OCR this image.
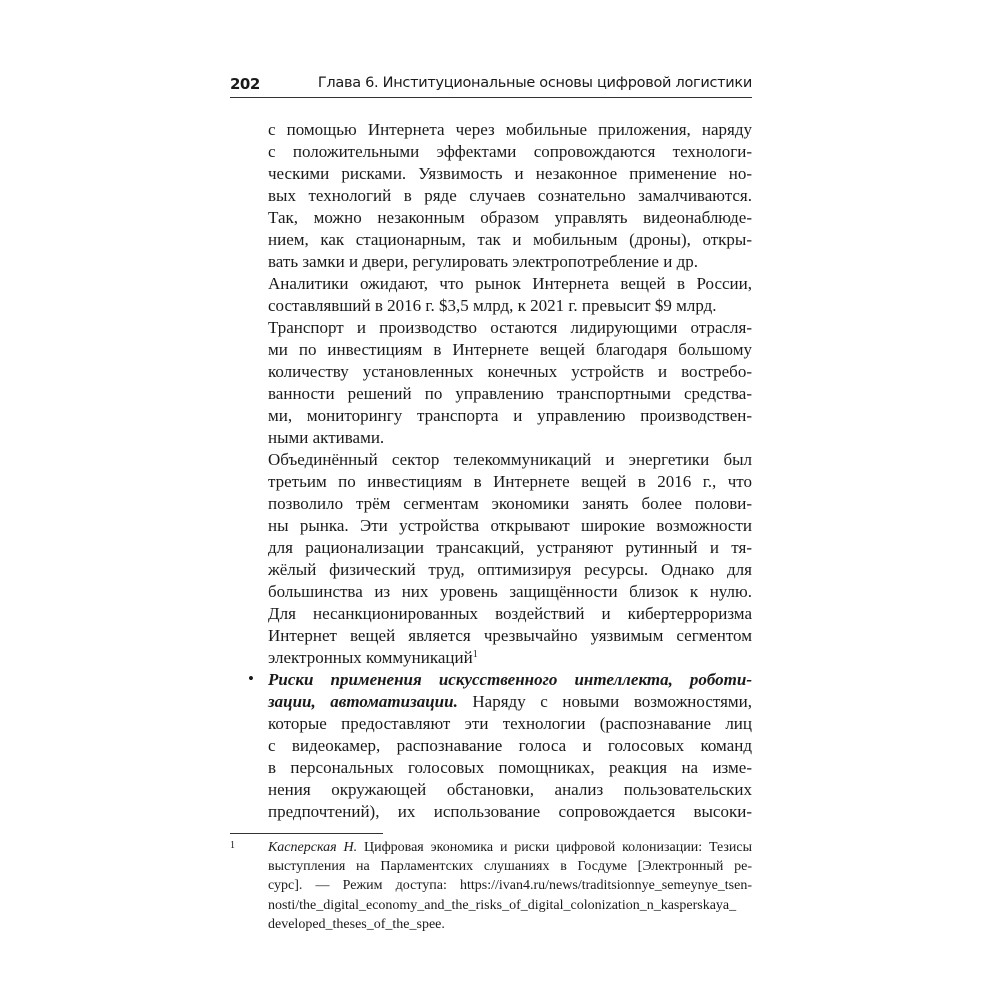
202	Глава 6. Институциональные основы цифровой логистики
с помощью Интернета через мобильные приложения, наряду
с положительными эффектами сопровождаются технологи-
ческими рисками. Уязвимость и незаконное применение но-
вых технологий в ряде случаев сознательно замалчиваются.
Так, можно незаконным образом управлять видеонаблюде-
нием, как стационарным, так и мобильным (дроны), откры-
вать замки и двери, регулировать электропотребление и др.
Аналитики ожидают, что рынок Интернета вещей в России,
составлявший в 2016 г. $3,5 млрд, к 2021 г. превысит $9 млрд.
Транспорт и производство остаются лидирующими отрасля-
ми по инвестициям в Интернете вещей благодаря большому
количеству установленных конечных устройств и востребо-
ванности решений по управлению транспортными средства-
ми, мониторингу транспорта и управлению производствен-
ными активами.
Объединённый сектор телекоммуникаций и энергетики был
третьим по инвестициям в Интернете вещей в 2016 г., что
позволило трём сегментам экономики занять более полови-
ны рынка. Эти устройства открывают широкие возможности
для рационализации трансакций, устраняют рутинный и тя-
жёлый физический труд, оптимизируя ресурсы. Однако для
большинства из них уровень защищённости близок к нулю.
Для несанкционированных воздействий и кибертерроризма
Интернет вещей является чрезвычайно уязвимым сегментом
электронных коммуникаций$^1$
Риски применения искусственного интеллекта, роботи-
зации, автоматизации. Наряду с новыми возможностями,
которые предоставляют эти технологии (распознавание лиц
с видеокамер, распознавание голоса и голосовых команд
в персональных голосовых помощниках, реакция на изме-
нения окружающей обстановки, анализ пользовательских
предпочтений), их использование сопровождается высоки-
•
1 Касперская Н. Цифровая экономика и риски цифровой колонизации: Тезисы
выступления на Парламентских слушаниях в Госдуме [Электронный ре-
сурс]. — Режим доступа: https://ivan4.ru/news/traditsionnye_semeynye_tsen-
nosti/the_digital_economy_and_the_risks_of_digital_colonization_n_kasperskaya_
developed_theses_of_the_spee.
